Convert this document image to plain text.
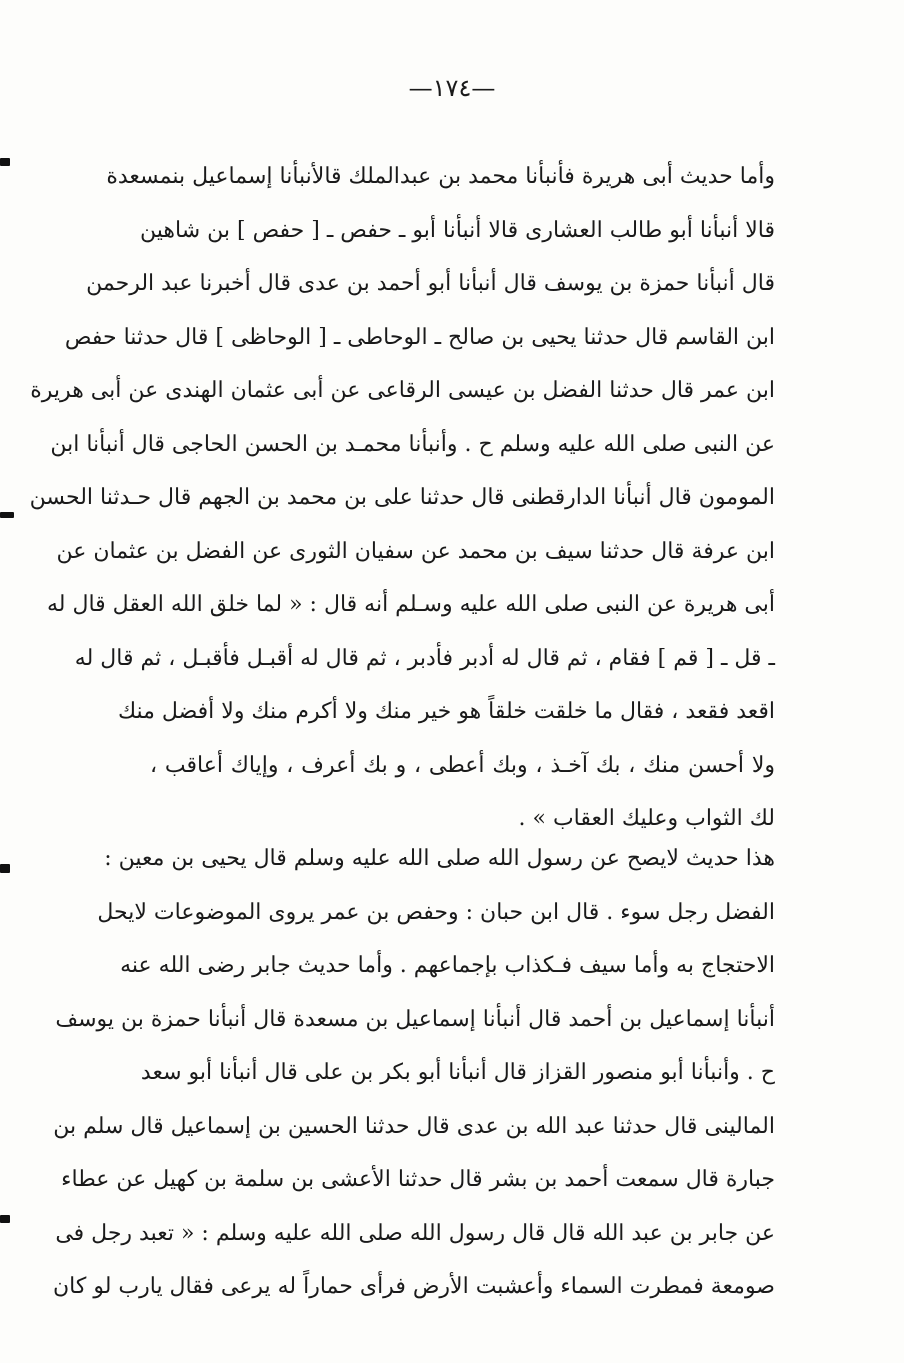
—١٧٤—
وأما حديث أبى هريرة فأنبأنا محمد بن عبدالملك قالأنبأنا إسماعيل بنمسعدة
قالا أنبأنا أبو طالب العشارى قالا أنبأنا أبو ـ حفص ـ [ حفص ] بن شاهين
قال أنبأنا حمزة بن يوسف قال أنبأنا أبو أحمد بن عدى قال أخبرنا عبد الرحمن
ابن القاسم قال حدثنا يحيى بن صالح ـ الوحاطى ـ [ الوحاظى ] قال حدثنا حفص
ابن عمر قال حدثنا الفضل بن عيسى الرقاعى عن أبى عثمان الهندى عن أبى هريرة
عن النبى صلى الله عليه وسلم ح . وأنبأنا محمـد بن الحسن الحاجى قال أنبأنا ابن
المومون قال أنبأنا الدارقطنى قال حدثنا على بن محمد بن الجهم قال حـدثنا الحسن
ابن عرفة قال حدثنا سيف بن محمد عن سفيان الثورى عن الفضل بن عثمان عن
أبى هريرة عن النبى صلى الله عليه وسـلم أنه قال : « لما خلق الله العقل قال له
ـ قل ـ [ قم ] فقام ، ثم قال له أدبر فأدبر ، ثم قال له أقبـل فأقبـل ، ثم قال له
اقعد فقعد ، فقال ما خلقت خلقاً هو خير منك ولا أكرم منك ولا أفضل منك
ولا أحسن منك ، بك آخـذ ، وبك أعطى ، و بك أعرف ، وإياك أعاقب ،
لك الثواب وعليك العقاب » .
هذا حديث لايصح عن رسول الله صلى الله عليه وسلم قال يحيى بن معين :
الفضل رجل سوء . قال ابن حبان : وحفص بن عمر يروى الموضوعات لايحل
الاحتجاج به وأما سيف فـكذاب بإجماعهم . وأما حديث جابر رضى الله عنه
أنبأنا إسماعيل بن أحمد قال أنبأنا إسماعيل بن مسعدة قال أنبأنا حمزة بن يوسف
ح . وأنبأنا أبو منصور القزاز قال أنبأنا أبو بكر بن على قال أنبأنا أبو سعد
المالينى قال حدثنا عبد الله بن عدى قال حدثنا الحسين بن إسماعيل قال سلم بن
جبارة قال سمعت أحمد بن بشر قال حدثنا الأعشى بن سلمة بن كهيل عن عطاء
عن جابر بن عبد الله قال قال رسول الله صلى الله عليه وسلم : « تعبد رجل فى
صومعة فمطرت السماء وأعشبت الأرض فرأى حماراً له يرعى فقال يارب لو كان
